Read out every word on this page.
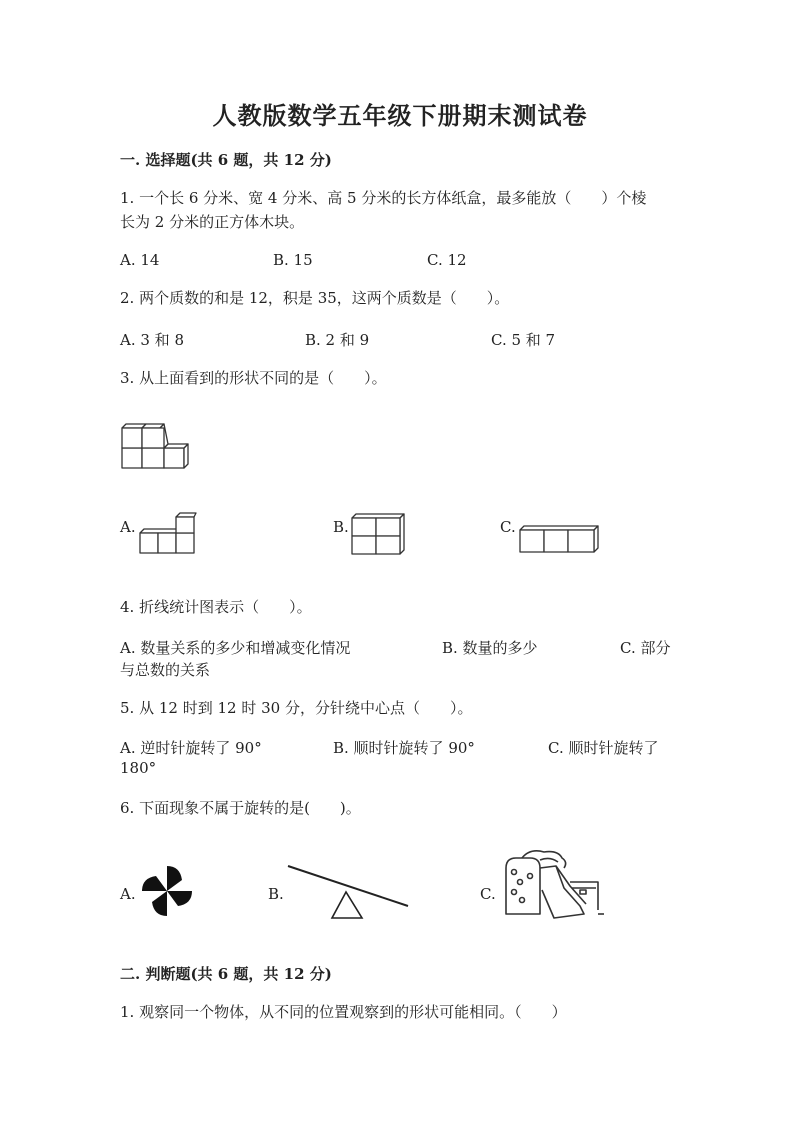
人教版数学五年级下册期末测试卷
一. 选择题(共 6 题，共 12 分)
1. 一个长 6 分米、宽 4 分米、高 5 分米的长方体纸盒，最多能放（　　）个棱
长为 2 分米的正方体木块。
A. 14	B. 15	C. 12
2. 两个质数的和是 12，积是 35，这两个质数是（　　）。
A. 3 和 8	B. 2 和 9	C. 5 和 7
3. 从上面看到的形状不同的是（　　）。
A.	B.	C.
4. 折线统计图表示（　　）。
A. 数量关系的多少和增减变化情况	B. 数量的多少	C. 部分
与总数的关系
5. 从 12 时到 12 时 30 分，分针绕中心点（　　）。
A. 逆时针旋转了 90°	B. 顺时针旋转了 90°	C. 顺时针旋转了
180°
6. 下面现象不属于旋转的是(　　)。
A.	B.	C.
二. 判断题(共 6 题，共 12 分)
1. 观察同一个物体，从不同的位置观察到的形状可能相同。（　　）
